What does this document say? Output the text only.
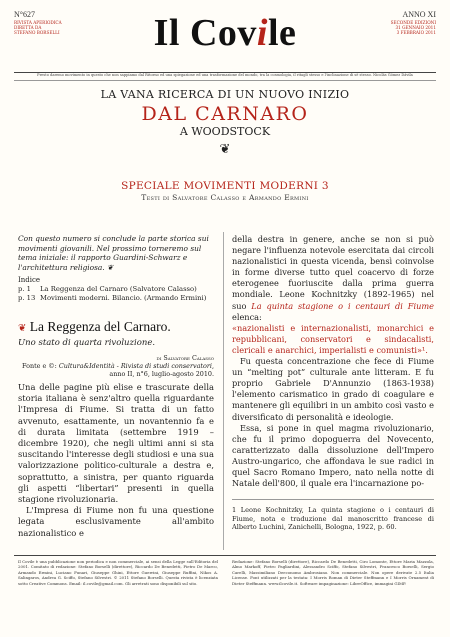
N°627
RIVISTA APERIODICA
DIRETTA DA
STEFANO BORSELLI	Il Covile	ANNO XI
SECONDE EDIZIONI
31 GENNAIO 2011
3 FEBBRAIO 2011
Presto daremo movimento in questo che non sappiamo dal Ritorno ed una spiegazione ed una trasformazione del mondo, tra la cosmologia, il ritagli stesso e l'inclinazione di sè stesso. Nicolás Gómez Dávila
LA VANA RICERCA DI UN NUOVO INIZIO
DAL CARNARO
A WOODSTOCK
❦
SPECIALE MOVIMENTI MODERNI 3
Testi di Salvatore Calasso e Armando Ermini

Con questo numero si conclude la parte storica sui movimenti giovanili. Nel prossimo torneremo sul tema iniziale: il rapporto Guardini-Schwarz e l'architettura religiosa. ❦

Indice
p. 1	La Reggenza del Carnaro (Salvatore Calasso)
p. 13 Movimenti moderni. Bilancio. (Armando Ermini)
❦ La Reggenza del Carnaro.
Uno stato di quarta rivoluzione.
di Salvatore Calasso
Fonte e ©: Cultura&Identità - Rivista di studi conservatori, anno II, n°6, luglio-agosto 2010.

Una delle pagine più elise e trascurate della storia italiana è senz'altro quella riguardante l'Impresa di Fiume. Si tratta di un fatto avvenuto, esattamente, un novantennio fa e di durata limitata (settembre 1919 – dicembre 1920), che negli ultimi anni si sta suscitando l'interesse degli studiosi e una sua valorizzazione politico-culturale a destra e, soprattutto, a sinistra, per quanto riguarda gli aspetti “libertari” presenti in quella stagione rivoluzionaria.

L'Impresa di Fiume non fu una questione legata esclusivamente all'ambito nazionalistico e

della destra in genere, anche se non si può negare l'influenza notevole esercitata dai circoli nazionalistici in questa vicenda, bensì coinvolse in forme diverse tutto quel coacervo di forze eterogenee fuoriuscite dalla prima guerra mondiale. Leone Kochnitzky (1892-1965) nel suo La quinta stagione o i centauri di Fiume elenca:

«nazionalisti e internazionalisti, monarchici e repubblicani, conservatori e sindacalisti, clericali e anarchici, imperialisti e comunisti»¹.

Fu questa concentrazione che fece di Fiume un “melting pot” culturale ante litteram. E fu proprio Gabriele D'Annunzio (1863-1938) l'elemento carismatico in grado di coagulare e mantenere gli equilibri in un ambito così vasto e diversificato di personalità e ideologie.

Essa, si pone in quel magma rivoluzionario, che fu il primo dopoguerra del Novecento, caratterizzato dalla dissoluzione dell'Impero Austro-ungarico, che affondava le sue radici in quel Sacro Romano Impero, nato nella notte di Natale dell'800, il quale era l'incarnazione po-

1 Leone Kochnitzky, La quinta stagione o i centauri di Fiume, nota e traduzione dal manoscritto francese di Alberto Luchini, Zanichelli, Bologna, 1922, p. 60.
Il Covile è una pubblicazione non periodica e non commerciale, ai sensi della Legge sull'Editoria del 2001. Comitato di redazione: Stefano Borselli (direttore), Riccardo De Benedetti, Pietro De Marco, Armando Ermini, Luciano Funari, Giuseppe Ghini, Ettore Guerrini, Giuseppe Ruffini, Nikos A. Salingaros, Andrea G. Sciffo, Stefano Silvestri. © 2011 Stefano Borselli. Questa rivista è licenziata sotto Creative Commons. Email: il.covile@gmail.com. Gli arretrati sono disponibili sul sito.
Redazione: Stefano Borselli (direttore), Riccardo De Benedetti, Ciro Lomonte, Ettore Maria Mazzola, Almo Markoff, Pietro Pagliardini, Alessandro Sciffo, Stefano Silvestri, Francesco Borselli, Sergio Carelli, Massimiliano Deeconomo Ambrosiano. Non commerciale. Non opere derivate 2.5 Italia License. Font utilizzati per la testata: I Morris Roman di Dieter Steffmann e I Morris Ornament di Dieter Steffmann. www.ilcovile.it. Software impaginazione: LibreOffice, immagini GIMP.
